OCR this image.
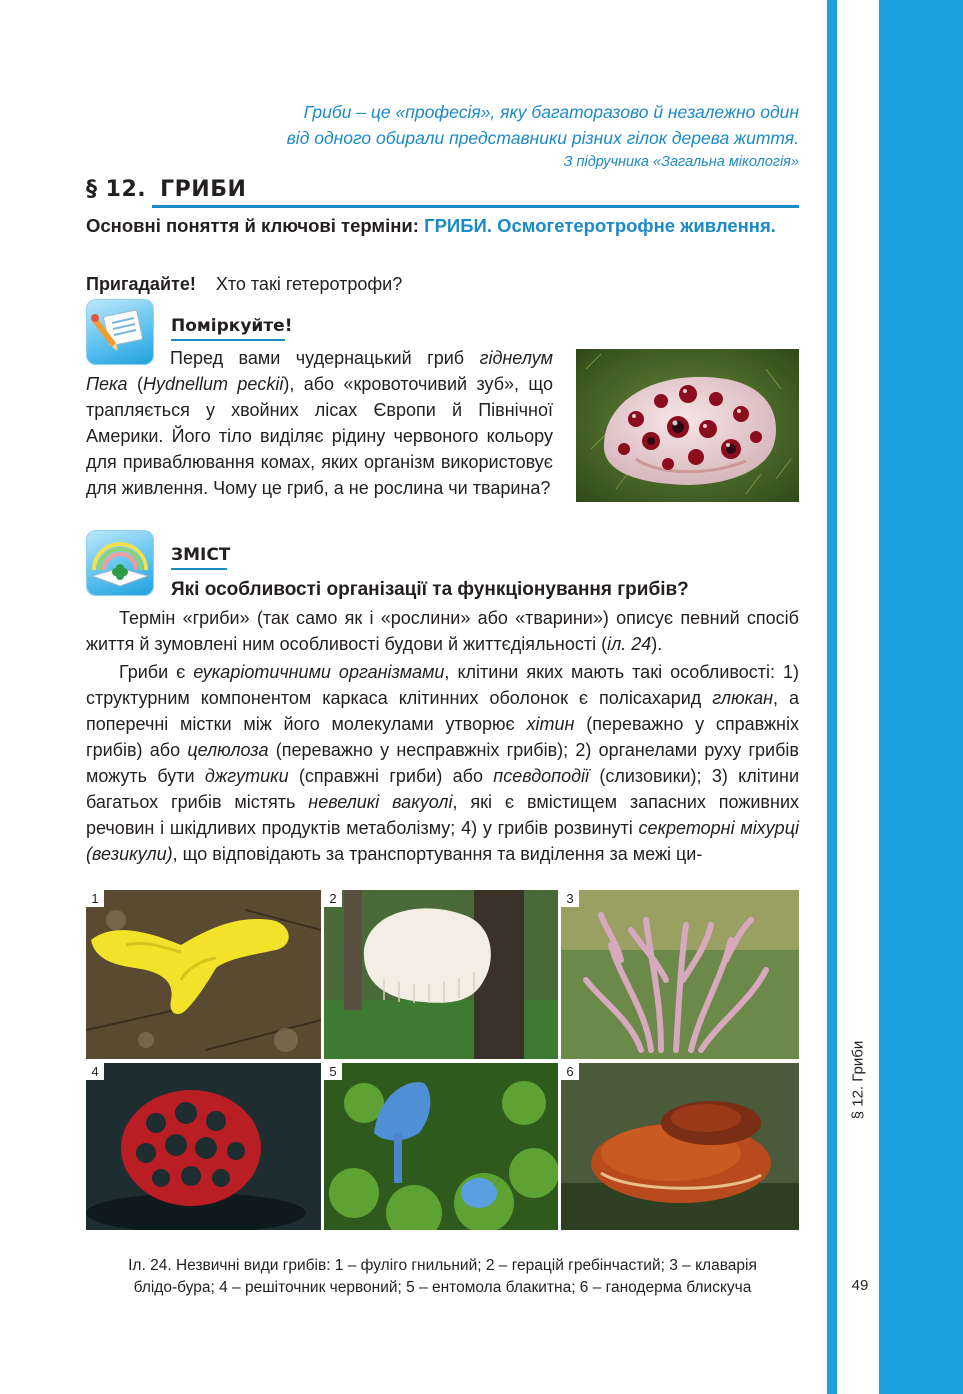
§ 12. Гриби
49
Гриби – це «професія», яку багаторазово й незалежно один
від одного обирали представники різних гілок дерева життя.
З підручника «Загальна мікологія»
§ 12. ГРИБИ
Основні поняття й ключові терміни: ГРИБИ. Осмогетеротрофне живлення.
Пригадайте! Хто такі гетеротрофи?
Поміркуйте!
Перед вами чудернацький гриб гіднелум Пека (Hydnellum peckii), або «кровоточивий зуб», що трапляється у хвойних лісах Європи й Північної Америки. Його тіло виділяє рідину червоного кольору для приваблювання комах, яких організм використовує для живлення. Чому це гриб, а не рослина чи тварина?
ЗМІСТ
Які особливості організації та функціонування грибів?

Термін «гриби» (так само як і «рослини» або «тварини») описує певний спосіб життя й зумовлені ним особливості будови й життєдіяльності (іл. 24).

Гриби є еукаріотичними організмами, клітини яких мають такі особливості: 1) структурним компонентом каркаса клітинних оболонок є полісахарид глюкан, а поперечні містки між його молекулами утворює хітин (переважно у справжніх грибів) або целюлоза (переважно у несправжніх грибів); 2) органелами руху грибів можуть бути джгутики (справжні гриби) або псевдоподії (слизовики); 3) клітини багатьох грибів містять невеликі вакуолі, які є вмістищем запасних поживних речовин і шкідливих продуктів метаболізму; 4) у грибів розвинуті секреторні міхурці (везикули), що відповідають за транспортування та виділення за межі ци-

1	2	3
4	5	6
Іл. 24. Незвичні види грибів: 1 – фуліго гнильний; 2 – герацій гребінчастий; 3 – клаварія
блідо-бура; 4 – решіточник червоний; 5 – ентомола блакитна; 6 – ганодерма блискуча
